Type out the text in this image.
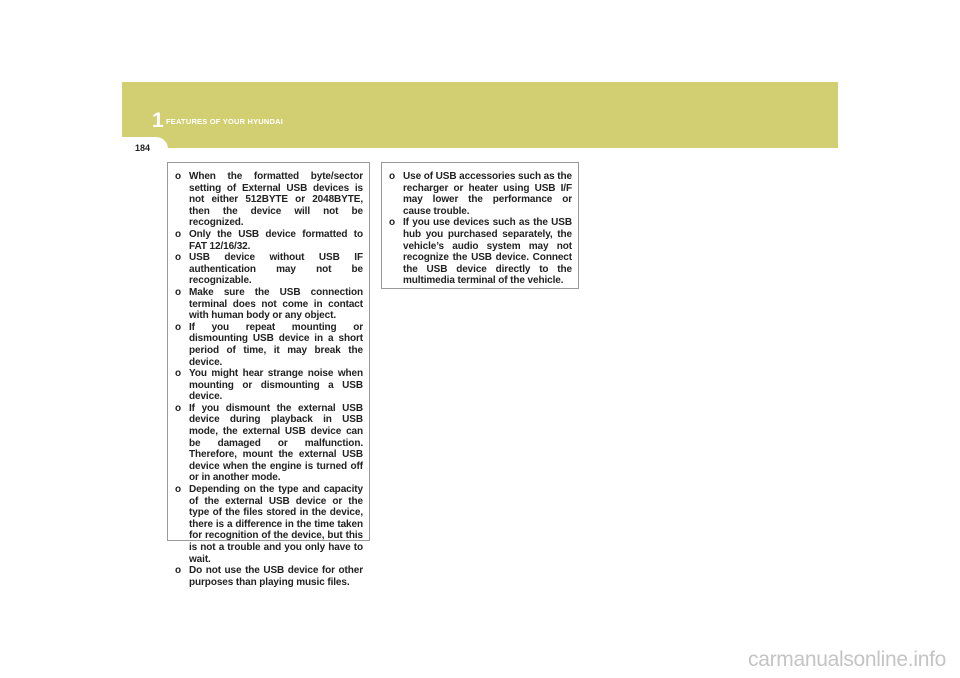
1 FEATURES OF YOUR HYUNDAI
184
o When the formatted byte/sector setting of External USB devices is not either 512BYTE or 2048BYTE, then the device will not be recognized.
o Only the USB device formatted to FAT 12/16/32.
o USB device without USB IF authentication may not be recognizable.
o Make sure the USB connection terminal does not come in contact with human body or any object.
o If you repeat mounting or dismounting USB device in a short period of time, it may break the device.
o You might hear strange noise when mounting or dismounting a USB device.
o If you dismount the external USB device during playback in USB mode, the external USB device can be damaged or malfunction. Therefore, mount the external USB device when the engine is turned off or in another mode.
o Depending on the type and capacity of the external USB device or the type of the files stored in the device, there is a difference in the time taken for recognition of the device, but this is not a trouble and you only have to wait.
o Do not use the USB device for other purposes than playing music files.
o Use of USB accessories such as the recharger or heater using USB I/F may lower the performance or cause trouble.
o If you use devices such as the USB hub you purchased separately, the vehicle’s audio system may not recognize the USB device. Connect the USB device directly to the multimedia terminal of the vehicle.
carmanualsonline.info
